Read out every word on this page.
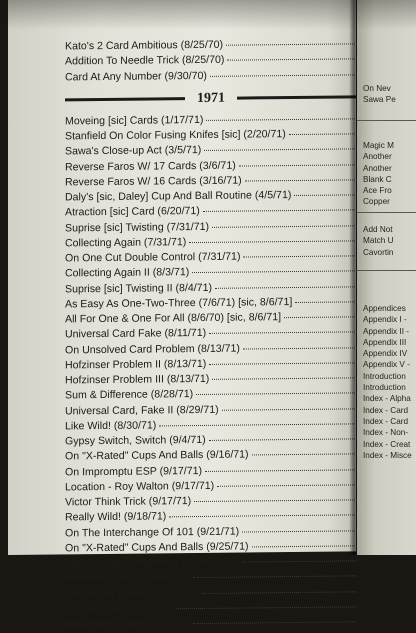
Kato's 2 Card Ambitious (8/25/70)
Addition To Needle Trick (8/25/70)
Card At Any Number (9/30/70)
1971
Moveing [sic] Cards (1/17/71)
Stanfield On Color Fusing Knifes [sic] (2/20/71)
Sawa's Close-up Act (3/5/71)
Reverse Faros W/ 17 Cards (3/6/71)
Reverse Faros W/ 16 Cards (3/16/71)
Daly's [sic, Daley] Cup And Ball Routine (4/5/71)
Atraction [sic] Card (6/20/71)
Suprise [sic] Twisting (7/31/71)
Collecting Again (7/31/71)
On One Cut Double Control (7/31/71)
Collecting Again II (8/3/71)
Suprise [sic] Twisting II (8/4/71)
As Easy As One-Two-Three (7/6/71) [sic, 8/6/71]
All For One & One For All (8/6/70) [sic, 8/6/71]
Universal Card Fake (8/11/71)
On Unsolved Card Problem (8/13/71)
Hofzinser Problem II (8/13/71)
Hofzinser Problem III (8/13/71)
Sum & Difference (8/28/71)
Universal Card, Fake II (8/29/71)
Like Wild! (8/30/71)
Gypsy Switch, Switch (9/4/71)
On "X-Rated" Cups And Balls (9/16/71)
On Impromptu ESP (9/17/71)
Location - Roy Walton (9/17/71)
Victor Think Trick (9/17/71)
Really Wild! (9/18/71)
On The Interchange Of 101 (9/21/71)
On "X-Rated" Cups And Balls (9/25/71)
Interchange Of Highway #1 (9/29/71)
Penetrating Aces (9/30/71)
On Freight Elevator (107/71)
On Slap Jack (10/7/71)
Misprinted Cards (10/8/71)
On Nev
Sawa Pe
Magic M
Another
Another
Blank C
Ace Fro
Copper
Add Not
Match U
Cavortin
Appendices
Appendix I -
Appendix II -
Appendix III
Appendix IV
Appendix V -
Introduction
Introduction
Index - Alpha
Index - Card
Index - Card
Index - Non-
Index - Creat
Index - Misce
